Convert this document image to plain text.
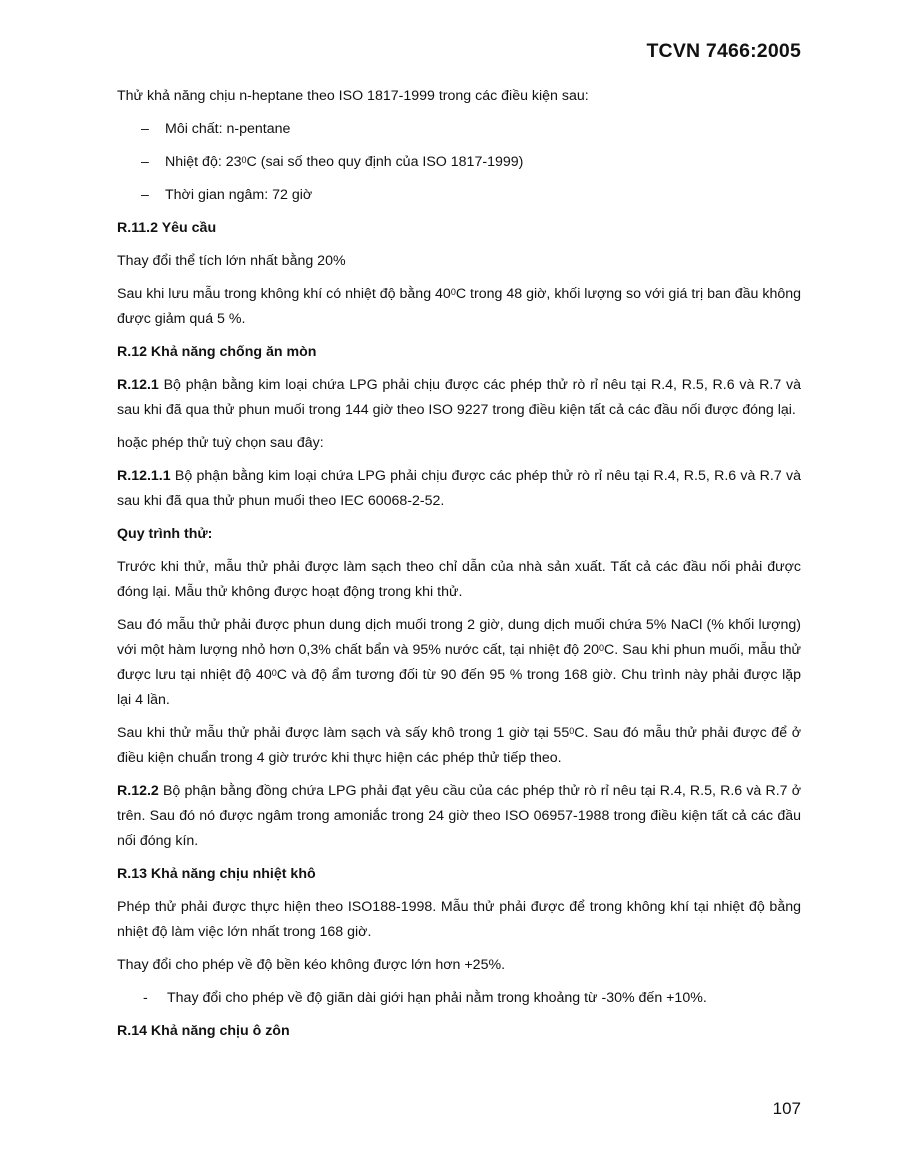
TCVN 7466:2005

Thử khả năng chịu n-heptane theo ISO 1817-1999 trong các điều kiện sau:

– Môi chất: n-pentane

– Nhiệt độ: $23^0C$ (sai số theo quy định của ISO 1817-1999)

– Thời gian ngâm: 72 giờ

R.11.2 Yêu cầu

Thay đổi thể tích lớn nhất bằng 20%

Sau khi lưu mẫu trong không khí có nhiệt độ bằng $40^0C$ trong 48 giờ, khối lượng so với giá trị ban đầu không được giảm quá 5 %.

R.12 Khả năng chống ăn mòn

R.12.1 Bộ phận bằng kim loại chứa LPG phải chịu được các phép thử rò rỉ nêu tại R.4, R.5, R.6 và R.7 và sau khi đã qua thử phun muối trong 144 giờ theo ISO 9227 trong điều kiện tất cả các đầu nối được đóng lại.

hoặc phép thử tuỳ chọn sau đây:

R.12.1.1 Bộ phận bằng kim loại chứa LPG phải chịu được các phép thử rò rỉ nêu tại R.4, R.5, R.6 và R.7 và sau khi đã qua thử phun muối theo IEC 60068-2-52.

Quy trình thử:

Trước khi thử, mẫu thử phải được làm sạch theo chỉ dẫn của nhà sản xuất. Tất cả các đầu nối phải được đóng lại. Mẫu thử không được hoạt động trong khi thử.

Sau đó mẫu thử phải được phun dung dịch muối trong 2 giờ, dung dịch muối chứa 5% NaCl (% khối lượng) với một hàm lượng nhỏ hơn 0,3% chất bẩn và 95% nước cất, tại nhiệt độ $20^0C$. Sau khi phun muối, mẫu thử được lưu tại nhiệt độ $40^0C$ và độ ẩm tương đối từ 90 đến 95 % trong 168 giờ. Chu trình này phải được lặp lại 4 lần.

Sau khi thử mẫu thử phải được làm sạch và sấy khô trong 1 giờ tại $55^0C$. Sau đó mẫu thử phải được để ở điều kiện chuẩn trong 4 giờ trước khi thực hiện các phép thử tiếp theo.

R.12.2 Bộ phận bằng đồng chứa LPG phải đạt yêu cầu của các phép thử rò rỉ nêu tại R.4, R.5, R.6 và R.7 ở trên. Sau đó nó được ngâm trong amoniắc trong 24 giờ theo ISO 06957-1988 trong điều kiện tất cả các đầu nối đóng kín.

R.13 Khả năng chịu nhiệt khô

Phép thử phải được thực hiện theo ISO188-1998. Mẫu thử phải được để trong không khí tại nhiệt độ bằng nhiệt độ làm việc lớn nhất trong 168 giờ.

Thay đổi cho phép về độ bền kéo không được lớn hơn +25%.

- Thay đổi cho phép về độ giãn dài giới hạn phải nằm trong khoảng từ -30% đến +10%.

R.14 Khả năng chịu ô zôn

107
